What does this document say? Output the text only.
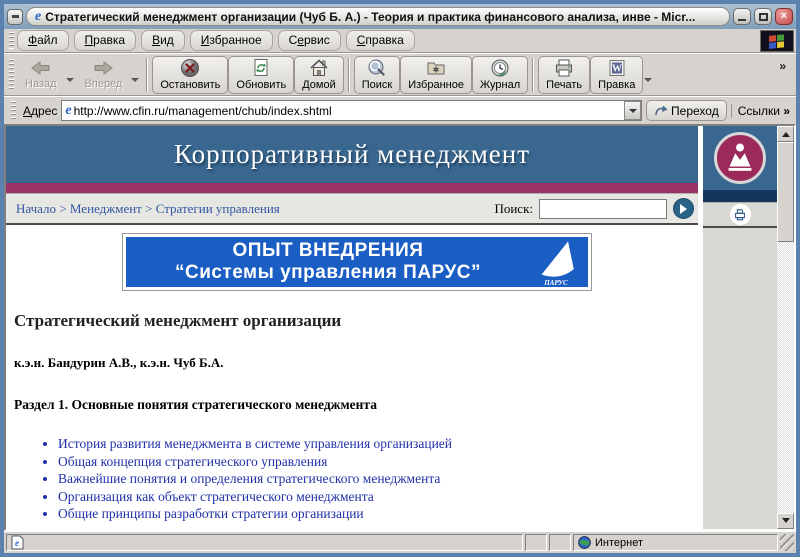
e Стратегический менеджмент организации (Чуб Б. А.) - Теория и практика финансового анализа, инве - Micr...	×
Файл	Правка	Вид	Избранное	Сервис	Справка
Назад	Вперед	Остановить Обновить Домой Поиск Избранное Журнал Печать
W
Правка
»
Адрес e
http://www.cfin.ru/management/chub/index.shtml	Переход	Ссылки »
Корпоративный менеджмент
Начало > Менеджмент > Стратегии управления	Поиск:
ОПЫТ ВНЕДРЕНИЯ
“Системы управления ПАРУС”	ПАРУС
Стратегический менеджмент организации
к.э.н. Бандурин А.В., к.э.н. Чуб Б.А.
Раздел 1. Основные понятия стратегического менеджмента
• История развития менеджмента в системе управления организацией
• Общая концепция стратегического управления
• Важнейшие понятия и определения стратегического менеджмента
• Организация как объект стратегического менеджмента
• Общие принципы разработки стратегии организации
e	Интернет
